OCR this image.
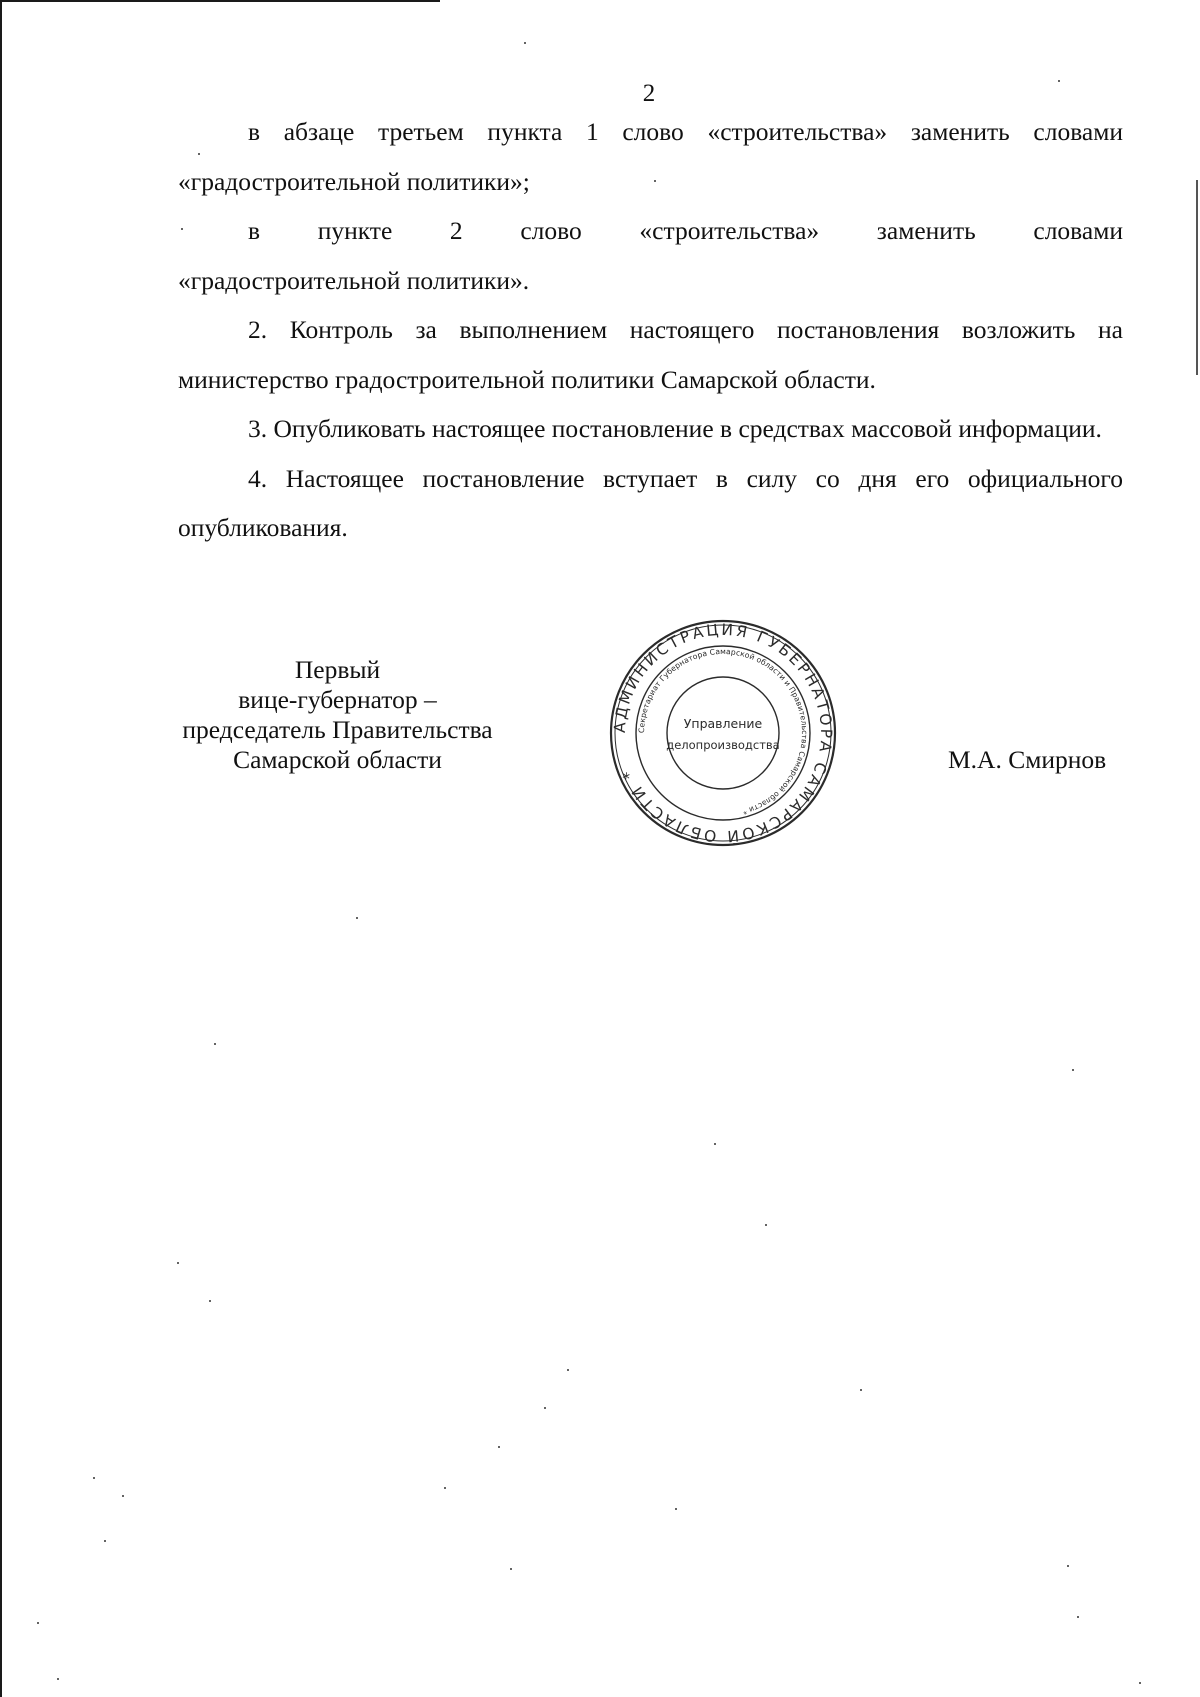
2

в абзаце третьем пункта 1 слово «строительства» заменить словами

«градостроительной политики»;

в пункте 2 слово «строительства» заменить словами

«градостроительной политики».

2. Контроль за выполнением настоящего постановления возложить на министерство градостроительной политики Самарской области.

3. Опубликовать настоящее постановление в средствах массовой информации.

4. Настоящее постановление вступает в силу со дня его официального опубликования.

Первый
вице-губернатор –
председатель Правительства
Самарской области
АДМИНИСТРАЦИЯ ГУБЕРНАТОРА САМАРСКОЙ ОБЛАСТИ *
Секретариат Губернатора Самарской области и Правительства Самарской области *
Управление
делопроизводства	М.А. Смирнов
